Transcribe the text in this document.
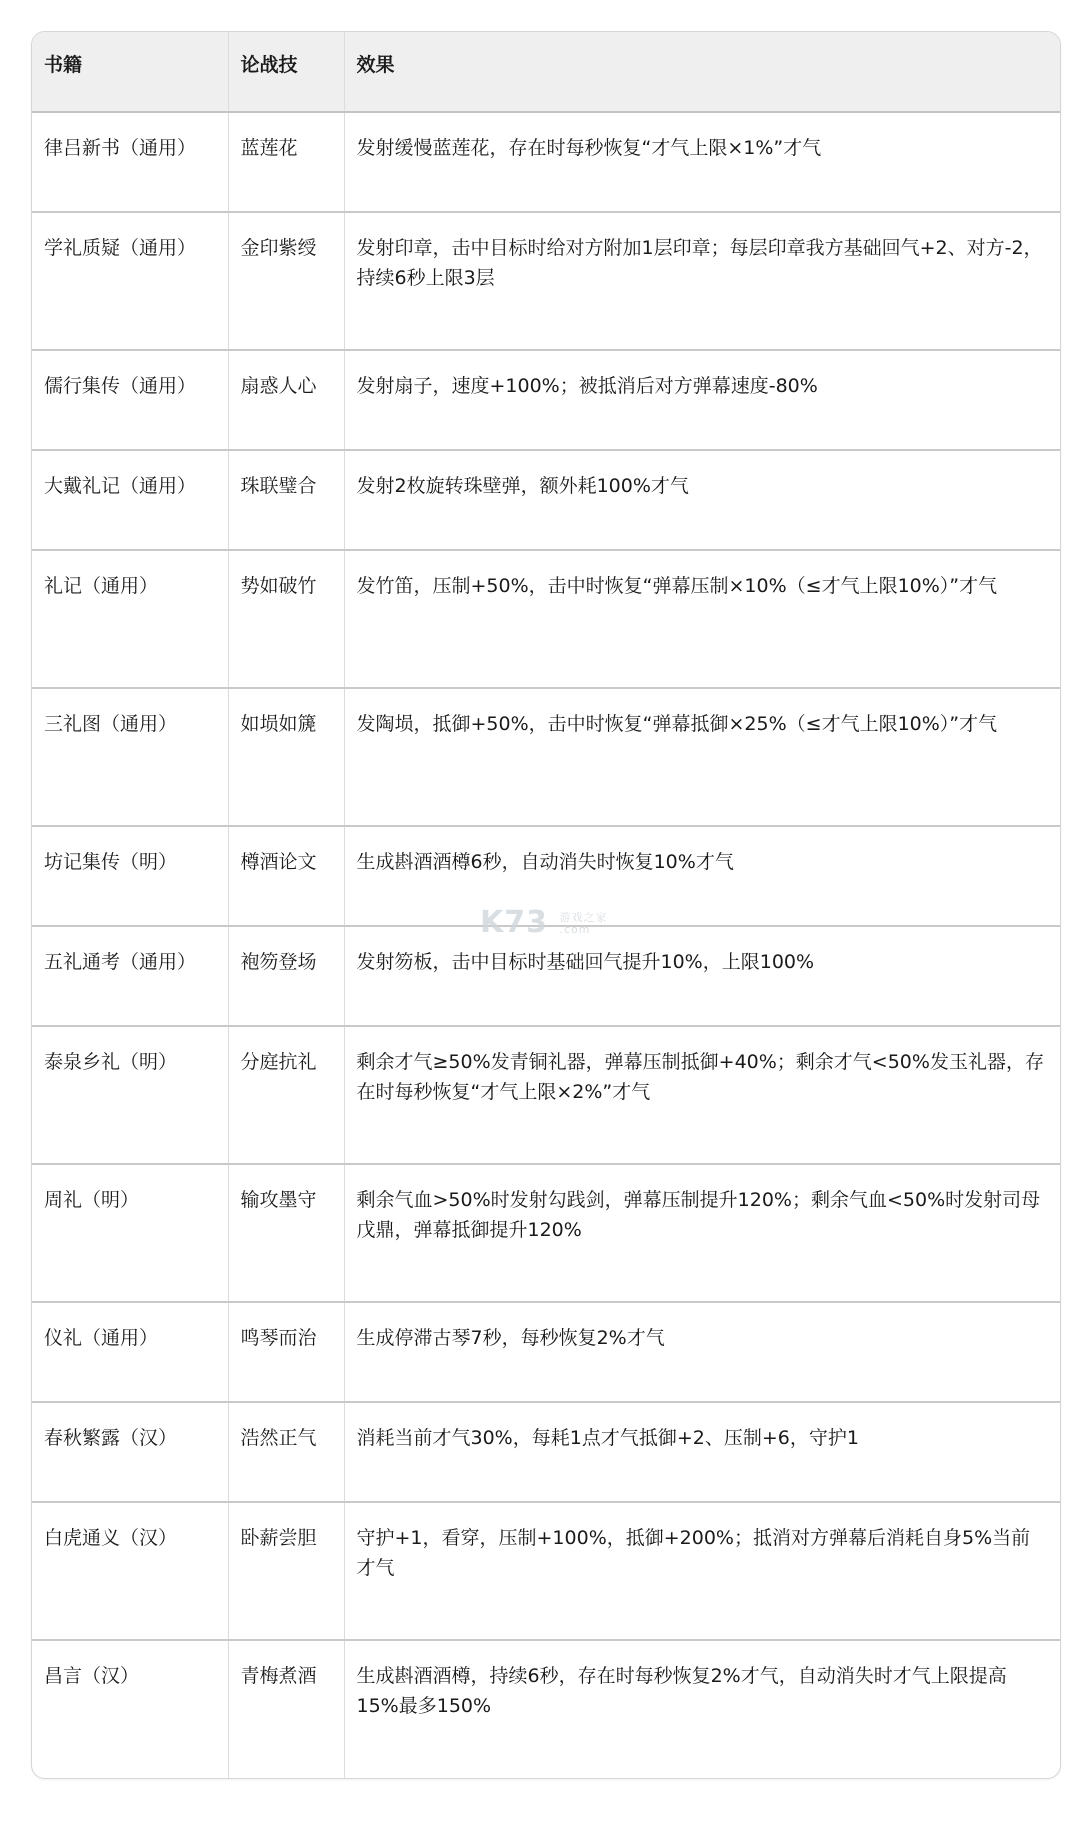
书籍	论战技	效果
律吕新书（通用）	蓝莲花	发射缓慢蓝莲花，存在时每秒恢复“才气上限×1%”才气
学礼质疑（通用）	金印紫绶	发射印章，击中目标时给对方附加1层印章；每层印章我方基础回气+2、对方-2，持续6秒上限3层
儒行集传（通用）	扇惑人心	发射扇子，速度+100%；被抵消后对方弹幕速度-80%
大戴礼记（通用）	珠联璧合	发射2枚旋转珠壁弹，额外耗100%才气
礼记（通用）	势如破竹	发竹笛，压制+50%，击中时恢复“弹幕压制×10%（≤才气上限10%）”才气
三礼图（通用）	如埙如篪	发陶埙，抵御+50%，击中时恢复“弹幕抵御×25%（≤才气上限10%）”才气
坊记集传（明）	樽酒论文	生成斟酒酒樽6秒，自动消失时恢复10%才气
五礼通考（通用）	袍笏登场	发射笏板，击中目标时基础回气提升10%，上限100%
泰泉乡礼（明）	分庭抗礼	剩余才气≥50%发青铜礼器，弹幕压制抵御+40%；剩余才气<50%发玉礼器，存在时每秒恢复“才气上限×2%”才气
周礼（明）	输攻墨守	剩余气血>50%时发射勾践剑，弹幕压制提升120%；剩余气血<50%时发射司母戊鼎，弹幕抵御提升120%
仪礼（通用）	鸣琴而治	生成停滞古琴7秒，每秒恢复2%才气
春秋繁露（汉）	浩然正气	消耗当前才气30%，每耗1点才气抵御+2、压制+6，守护1
白虎通义（汉）	卧薪尝胆	守护+1，看穿，压制+100%，抵御+200%；抵消对方弹幕后消耗自身5%当前才气
昌言（汉）	青梅煮酒	生成斟酒酒樽，持续6秒，存在时每秒恢复2%才气，自动消失时才气上限提高15%最多150%
K73 游戏之家
.com
